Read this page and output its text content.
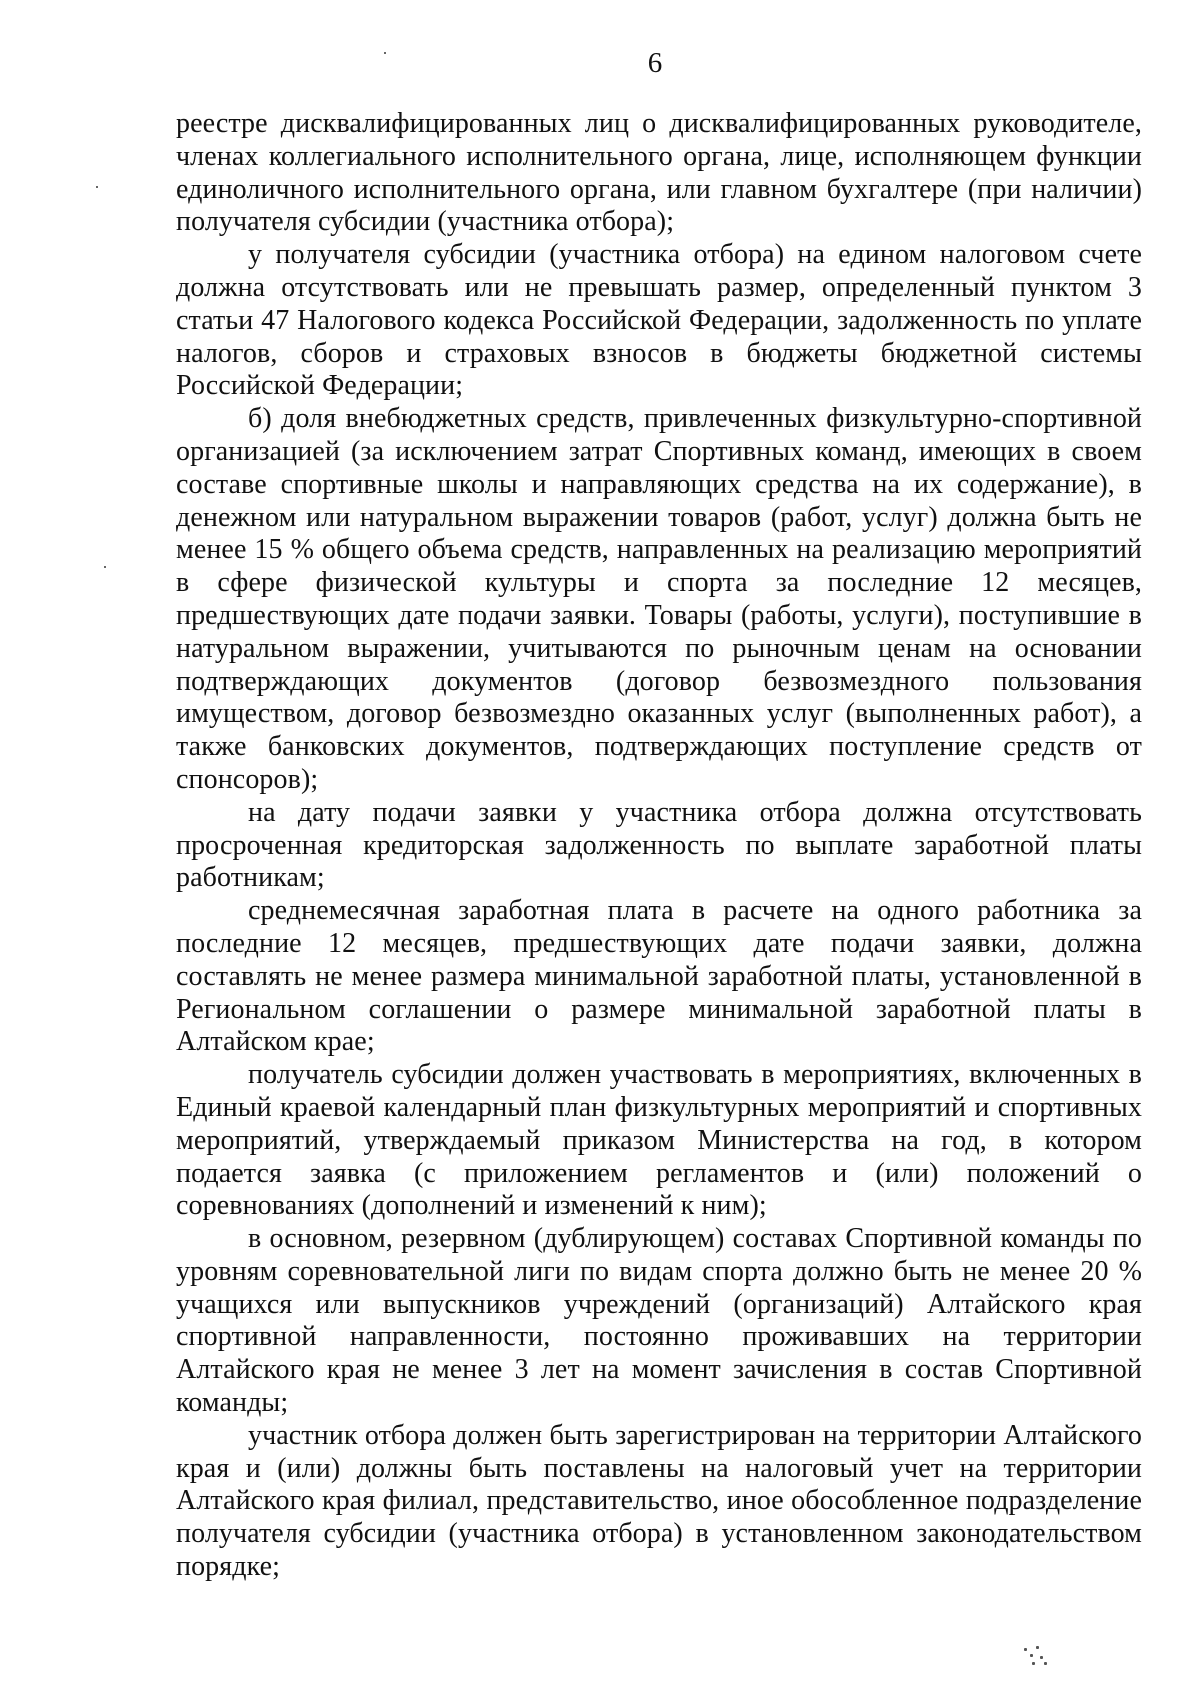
6

реестре дисквалифицированных лиц о дисквалифицированных руководителе, членах коллегиального исполнительного органа, лице, исполняющем функции единоличного исполнительного органа, или главном бухгалтере (при наличии) получателя субсидии (участника отбора);

у получателя субсидии (участника отбора) на едином налоговом счете должна отсутствовать или не превышать размер, определенный пунктом 3 статьи 47 Налогового кодекса Российской Федерации, задолженность по уплате налогов, сборов и страховых взносов в бюджеты бюджетной системы Российской Федерации;

б) доля внебюджетных средств, привлеченных физкультурно-спортивной организацией (за исключением затрат Спортивных команд, имеющих в своем составе спортивные школы и направляющих средства на их содержание), в денежном или натуральном выражении товаров (работ, услуг) должна быть не менее 15 % общего объема средств, направленных на реализацию мероприятий в сфере физической культуры и спорта за последние 12 месяцев, предшествующих дате подачи заявки. Товары (работы, услуги), поступившие в натуральном выражении, учитываются по рыночным ценам на основании подтверждающих документов (договор безвозмездного пользования имуществом, договор безвозмездно оказанных услуг (выполненных работ), а также банковских документов, подтверждающих поступление средств от спонсоров);

на дату подачи заявки у участника отбора должна отсутствовать просроченная кредиторская задолженность по выплате заработной платы работникам;

среднемесячная заработная плата в расчете на одного работника за последние 12 месяцев, предшествующих дате подачи заявки, должна составлять не менее размера минимальной заработной платы, установленной в Региональном соглашении о размере минимальной заработной платы в Алтайском крае;

получатель субсидии должен участвовать в мероприятиях, включенных в Единый краевой календарный план физкультурных мероприятий и спортивных мероприятий, утверждаемый приказом Министерства на год, в котором подается заявка (с приложением регламентов и (или) положений о соревнованиях (дополнений и изменений к ним);

в основном, резервном (дублирующем) составах Спортивной команды по уровням соревновательной лиги по видам спорта должно быть не менее 20 % учащихся или выпускников учреждений (организаций) Алтайского края спортивной направленности, постоянно проживавших на территории Алтайского края не менее 3 лет на момент зачисления в состав Спортивной команды;

участник отбора должен быть зарегистрирован на территории Алтайского края и (или) должны быть поставлены на налоговый учет на территории Алтайского края филиал, представительство, иное обособленное подразделение получателя субсидии (участника отбора) в установленном законодательством порядке;
